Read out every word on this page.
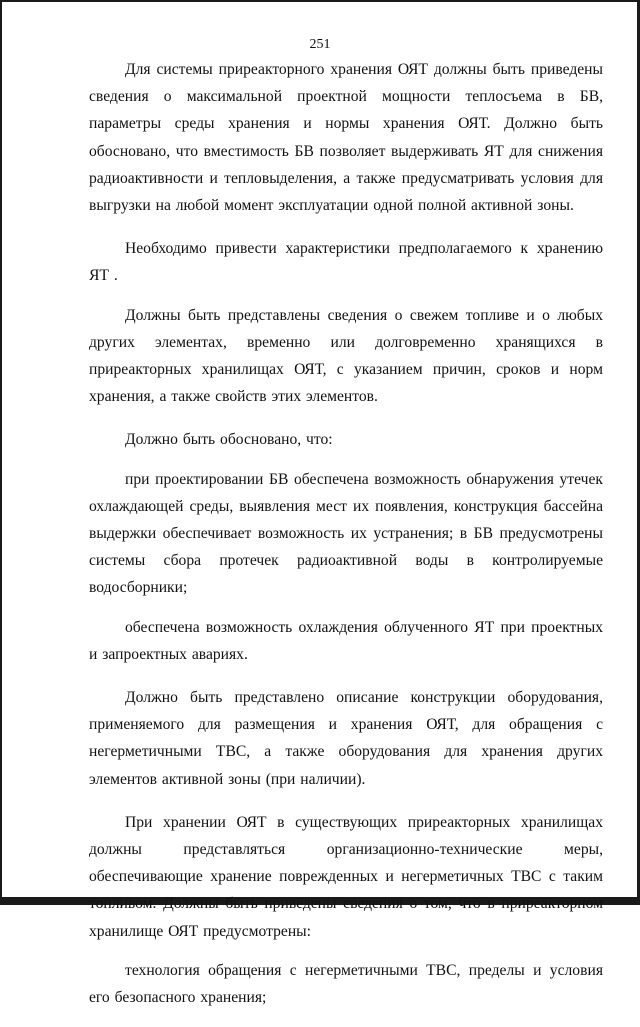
251

Для системы приреакторного хранения ОЯТ должны быть приведены сведения о максимальной проектной мощности теплосъема в БВ, параметры среды хранения и нормы хранения ОЯТ. Должно быть обосновано, что вместимость БВ позволяет выдерживать ЯТ для снижения радиоактивности и тепловыделения, а также предусматривать условия для выгрузки на любой момент эксплуатации одной полной активной зоны.

Необходимо привести характеристики предполагаемого к хранению ЯТ .

Должны быть представлены сведения о свежем топливе и о любых других элементах, временно или долговременно хранящихся в приреакторных хранилищах ОЯТ, с указанием причин, сроков и норм хранения, а также свойств этих элементов.

Должно быть обосновано, что:

при проектировании БВ обеспечена возможность обнаружения утечек охлаждающей среды, выявления мест их появления, конструкция бассейна выдержки обеспечивает возможность их устранения; в БВ предусмотрены системы сбора протечек радиоактивной воды в контролируемые водосборники;

обеспечена возможность охлаждения облученного ЯТ при проектных и запроектных авариях.

Должно быть представлено описание конструкции оборудования, применяемого для размещения и хранения ОЯТ, для обращения с негерметичными ТВС, а также оборудования для хранения других элементов активной зоны (при наличии).

При хранении ОЯТ в существующих приреакторных хранилищах должны представляться организационно-технические меры, обеспечивающие хранение поврежденных и негерметичных ТВС с таким топливом. Должны быть приведены сведения о том, что в приреакторном хранилище ОЯТ предусмотрены:

технология обращения с негерметичными ТВС, пределы и условия его безопасного хранения;
